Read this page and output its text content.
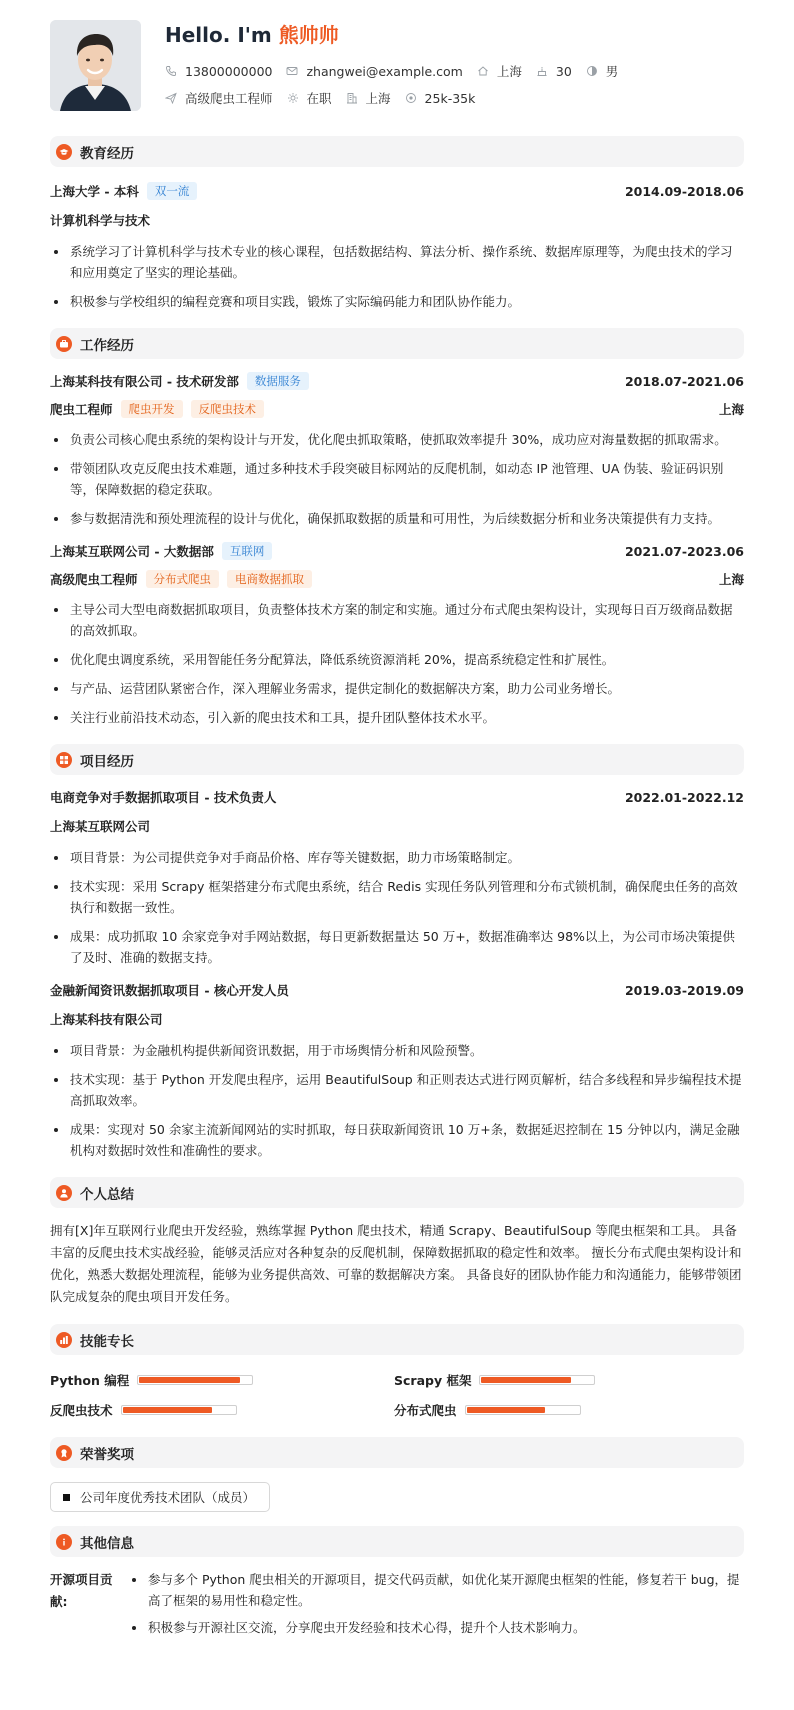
Hello. I'm 熊帅帅
13800000000	zhangwei@example.com	上海	30	男
高级爬虫工程师	在职	上海	25k-35k
教育经历
上海大学 - 本科	双一流	2014.09-2018.06
计算机科学与技术
系统学习了计算机科学与技术专业的核心课程，包括数据结构、算法分析、操作系统、数据库原理等，为爬虫技术的学习和应用奠定了坚实的理论基础。
积极参与学校组织的编程竞赛和项目实践，锻炼了实际编码能力和团队协作能力。
工作经历
上海某科技有限公司 - 技术研发部	数据服务	2018.07-2021.06
爬虫工程师	爬虫开发	反爬虫技术	上海
负责公司核心爬虫系统的架构设计与开发，优化爬虫抓取策略，使抓取效率提升 30%，成功应对海量数据的抓取需求。
带领团队攻克反爬虫技术难题，通过多种技术手段突破目标网站的反爬机制，如动态 IP 池管理、UA 伪装、验证码识别等，保障数据的稳定获取。
参与数据清洗和预处理流程的设计与优化，确保抓取数据的质量和可用性，为后续数据分析和业务决策提供有力支持。
上海某互联网公司 - 大数据部	互联网	2021.07-2023.06
高级爬虫工程师	分布式爬虫	电商数据抓取	上海
主导公司大型电商数据抓取项目，负责整体技术方案的制定和实施。通过分布式爬虫架构设计，实现每日百万级商品数据的高效抓取。
优化爬虫调度系统，采用智能任务分配算法，降低系统资源消耗 20%，提高系统稳定性和扩展性。
与产品、运营团队紧密合作，深入理解业务需求，提供定制化的数据解决方案，助力公司业务增长。
关注行业前沿技术动态，引入新的爬虫技术和工具，提升团队整体技术水平。
项目经历
电商竞争对手数据抓取项目 - 技术负责人	2022.01-2022.12
上海某互联网公司
项目背景：为公司提供竞争对手商品价格、库存等关键数据，助力市场策略制定。
技术实现：采用 Scrapy 框架搭建分布式爬虫系统，结合 Redis 实现任务队列管理和分布式锁机制，确保爬虫任务的高效执行和数据一致性。
成果：成功抓取 10 余家竞争对手网站数据，每日更新数据量达 50 万+，数据准确率达 98%以上，为公司市场决策提供了及时、准确的数据支持。
金融新闻资讯数据抓取项目 - 核心开发人员	2019.03-2019.09
上海某科技有限公司
项目背景：为金融机构提供新闻资讯数据，用于市场舆情分析和风险预警。
技术实现：基于 Python 开发爬虫程序，运用 BeautifulSoup 和正则表达式进行网页解析，结合多线程和异步编程技术提高抓取效率。
成果：实现对 50 余家主流新闻网站的实时抓取，每日获取新闻资讯 10 万+条，数据延迟控制在 15 分钟以内，满足金融机构对数据时效性和准确性的要求。
个人总结
拥有[X]年互联网行业爬虫开发经验，熟练掌握 Python 爬虫技术，精通 Scrapy、BeautifulSoup 等爬虫框架和工具。 具备丰富的反爬虫技术实战经验，能够灵活应对各种复杂的反爬机制，保障数据抓取的稳定性和效率。 擅长分布式爬虫架构设计和优化，熟悉大数据处理流程，能够为业务提供高效、可靠的数据解决方案。 具备良好的团队协作能力和沟通能力，能够带领团队完成复杂的爬虫项目开发任务。
技能专长
Python 编程	Scrapy 框架
反爬虫技术	分布式爬虫
荣誉奖项
公司年度优秀技术团队（成员）
其他信息
开源项目贡献:
参与多个 Python 爬虫相关的开源项目，提交代码贡献，如优化某开源爬虫框架的性能，修复若干 bug，提高了框架的易用性和稳定性。
积极参与开源社区交流，分享爬虫开发经验和技术心得，提升个人技术影响力。
